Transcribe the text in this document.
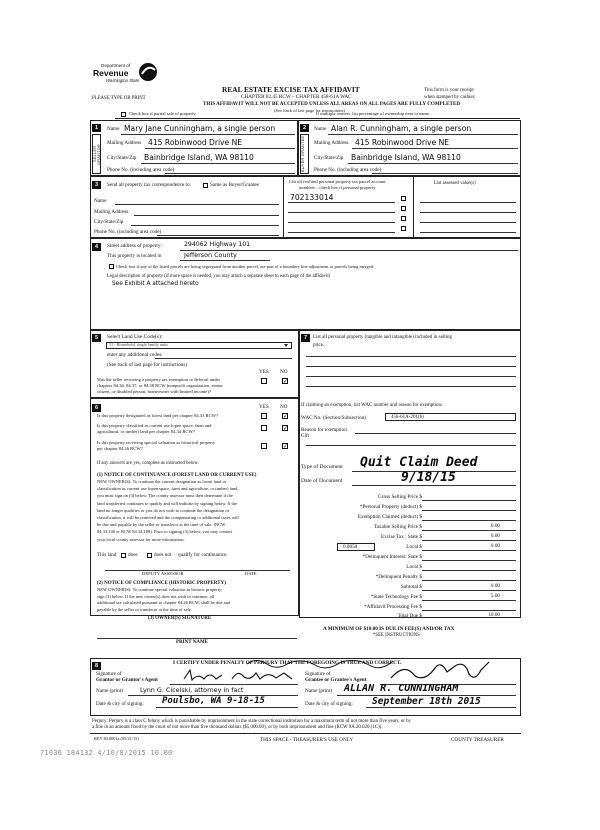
Department of
Revenue
Washington State
PLEASE TYPE OR PRINT
REAL ESTATE EXCISE TAX AFFIDAVIT
CHAPTER 82.45 RCW – CHAPTER 458-61A WAC
THIS AFFIDAVIT WILL NOT BE ACCEPTED UNLESS ALL AREAS ON ALL PAGES ARE FULLY COMPLETED
(See back of last page for instructions)
This form is your receipt
when stamped by cashier.
Check box if partial sale of property	If multiple owners, list percentage of ownership next to name.
1	2
SELLER GRANTOR	BUYER GRANTEE
Name Mary Jane Cunningham, a single person
Mailing Address 415 Robinwood Drive NE
City/State/Zip Bainbridge Island, WA 98110
Phone No. (including area code)
Name Alan R. Cunningham, a single person
Mailing Address 415 Robinwood Drive NE
City/State/Zip Bainbridge Island, WA 98110
Phone No. (including area code)
3	Send all property tax correspondence to:	Same as Buyer/Grantee
Name
Mailing Address
City/State/Zip
Phone No. (including area code)
List all real and personal property tax parcel account
numbers – check box if personal property
List assessed value(s)
702133014
4	Street address of property:	294062 Highway 101
This property is located in	Jefferson County
Check box if any of the listed parcels are being segregated from another parcel, are part of a boundary line adjustment or parcels being merged.
Legal description of property (if more space is needed, you may attach a separate sheet to each page of the affidavit)
See Exhibit A attached hereto
5	Select Land Use Code(s):
11 - Household, single family units
enter any additional codes:
(See back of last page for instructions)
YES NO
Was the seller receiving a property tax exemption or deferral under
chapters 84.36, 84.37, or 84.38 RCW (nonprofit organization, senior
citizen, or disabled person, homeowner with limited income)?
✓
6	YES NO
Is this property designated as forest land per chapter 84.33 RCW?	✓
Is this property classified as current use (open space, farm and
agricultural, or timber) land per chapter 84.34 RCW?	✓
Is this property receiving special valuation as historical property
per chapter 84.26 RCW?	✓
If any answers are yes, complete as instructed below.
(1) NOTICE OF CONTINUANCE (FOREST LAND OR CURRENT USE)
NEW OWNER(S): To continue the current designation as forest land or
classification as current use (open space, farm and agriculture, or timber) land,
you must sign on (3) below. The county assessor must then determine if the
land transferred continues to qualify and will indicate by signing below. If the
land no longer qualifies or you do not wish to continue the designation or
classification, it will be removed and the compensating or additional taxes will
be due and payable by the seller or transferor at the time of sale. (RCW
84.33.140 or RCW 84.34.108). Prior to signing (3) below, you may contact
your local county assessor for more information.
This land does	does not qualify for continuance.
DEPUTY ASSESSOR	DATE
(2) NOTICE OF COMPLIANCE (HISTORIC PROPERTY)
NEW OWNER(S): To continue special valuation as historic property,
sign (3) below. If the new owner(s) does not wish to continue, all
additional tax calculated pursuant to chapter 84.26 RCW, shall be due and
payable by the seller or transferor at the time of sale.
(3) OWNER(S) SIGNATURE
PRINT NAME
7	List all personal property (tangible and intangible) included in selling
price.
If claiming an exemption, list WAC number and reason for exemption:
WAC No. (Section/Subsection)	458-61A-201(b)
Reason for exemption
Gift
Type of Document Quit Claim Deed
Date of Document	9/18/15
Gross Selling Price $
*Personal Property (deduct) $
Exemption Claimed (deduct) $
Taxable Selling Price $	0.00
Excise Tax : State $	0.00
0.0050	Local $	0.00
*Delinquent Interest: State $
Local $
*Delinquent Penalty $
Subtotal $	0.00
*State Technology Fee $	5.00
*Affidavit Processing Fee $
Total Due $	10.00
A MINIMUM OF $10.00 IS DUE IN FEE(S) AND/OR TAX
*SEE INSTRUCTIONS
8	I CERTIFY UNDER PENALTY OF PERJURY THAT THE FOREGOING IS TRUE AND CORRECT.
Signature of
Grantor or Grantor's Agent
Name (print)	Lynn G. Cicelski, attorney in fact
Date & city of signing: Poulsbo, WA 9-18-15
Signature of
Grantee or Grantee's Agent
Name (print) ALLAN R. CUNNINGHAM
Date & city of signing: September 18th 2015
Perjury: Perjury is a class C felony which is punishable by imprisonment in the state correctional institution for a maximum term of not more than five years, or by
a fine in an amount fixed by the court of not more than five thousand dollars ($5,000.00), or by both imprisonment and fine (RCW 9A.20.020 (1C)).
REV 84 0001a (05/21/15)	THIS SPACE - TREASURER'S USE ONLY	COUNTY TREASURER
71036 184132 4/10/8/2015 10:00
